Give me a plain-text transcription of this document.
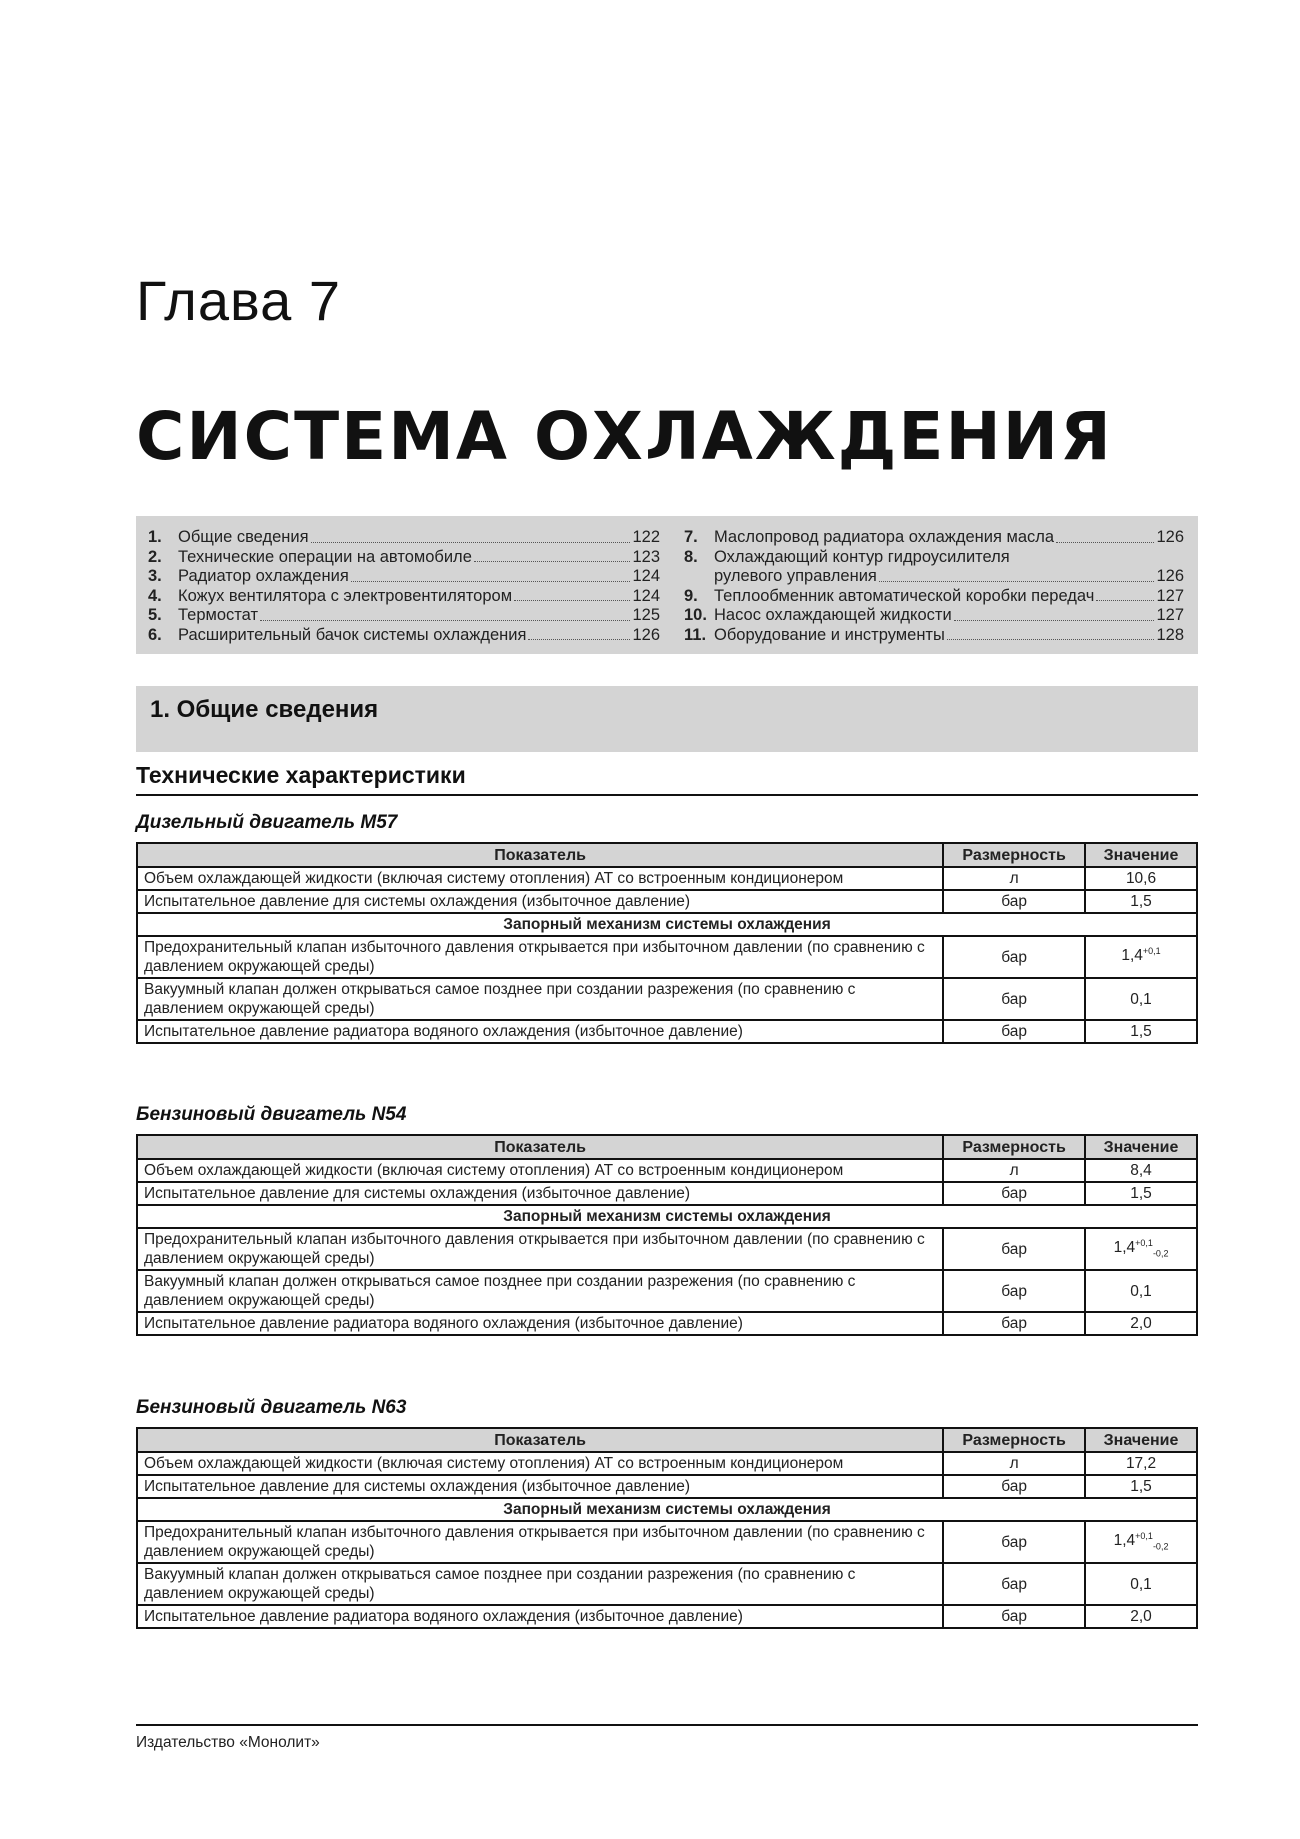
Глава 7
СИСТЕМА ОХЛАЖДЕНИЯ
1. Общие сведения	122
2. Технические операции на автомобиле	123
3. Радиатор охлаждения	124
4. Кожух вентилятора с электровентилятором	124
5. Термостат	125
6. Расширительный бачок системы охлаждения	126
7. Маслопровод радиатора охлаждения масла	126
8. Охлаждающий контур гидроусилителя
рулевого управления	126
9. Теплообменник автоматической коробки передач	127
10. Насос охлаждающей жидкости	127
11. Оборудование и инструменты	128
1. Общие сведения
Технические характеристики
Дизельный двигатель M57
Показатель	Размерность	Значение
Объем охлаждающей жидкости (включая систему отопления) АТ со встроенным кондиционером	л	10,6
Испытательное давление для системы охлаждения (избыточное давление)	бар	1,5
Запорный механизм системы охлаждения		
Предохранительный клапан избыточного давления открывается при избыточном давлении (по сравнению с давлением окружающей среды)	бар	$1,4^{+0,1}$
Вакуумный клапан должен открываться самое позднее при создании разрежения (по сравнению с давлением окружающей среды)	бар	0,1
Испытательное давление радиатора водяного охлаждения (избыточное давление)	бар	1,5
Бензиновый двигатель N54
Показатель	Размерность	Значение
Объем охлаждающей жидкости (включая систему отопления) АТ со встроенным кондиционером	л	8,4
Испытательное давление для системы охлаждения (избыточное давление)	бар	1,5
Запорный механизм системы охлаждения		
Предохранительный клапан избыточного давления открывается при избыточном давлении (по сравнению с давлением окружающей среды)	бар	$1,4^{+0,1}_{-0,2}$
Вакуумный клапан должен открываться самое позднее при создании разрежения (по сравнению с давлением окружающей среды)	бар	0,1
Испытательное давление радиатора водяного охлаждения (избыточное давление)	бар	2,0
Бензиновый двигатель N63
Показатель	Размерность	Значение
Объем охлаждающей жидкости (включая систему отопления) АТ со встроенным кондиционером	л	17,2
Испытательное давление для системы охлаждения (избыточное давление)	бар	1,5
Запорный механизм системы охлаждения		
Предохранительный клапан избыточного давления открывается при избыточном давлении (по сравнению с давлением окружающей среды)	бар	$1,4^{+0,1}_{-0,2}$
Вакуумный клапан должен открываться самое позднее при создании разрежения (по сравнению с давлением окружающей среды)	бар	0,1
Испытательное давление радиатора водяного охлаждения (избыточное давление)	бар	2,0
Издательство «Монолит»
